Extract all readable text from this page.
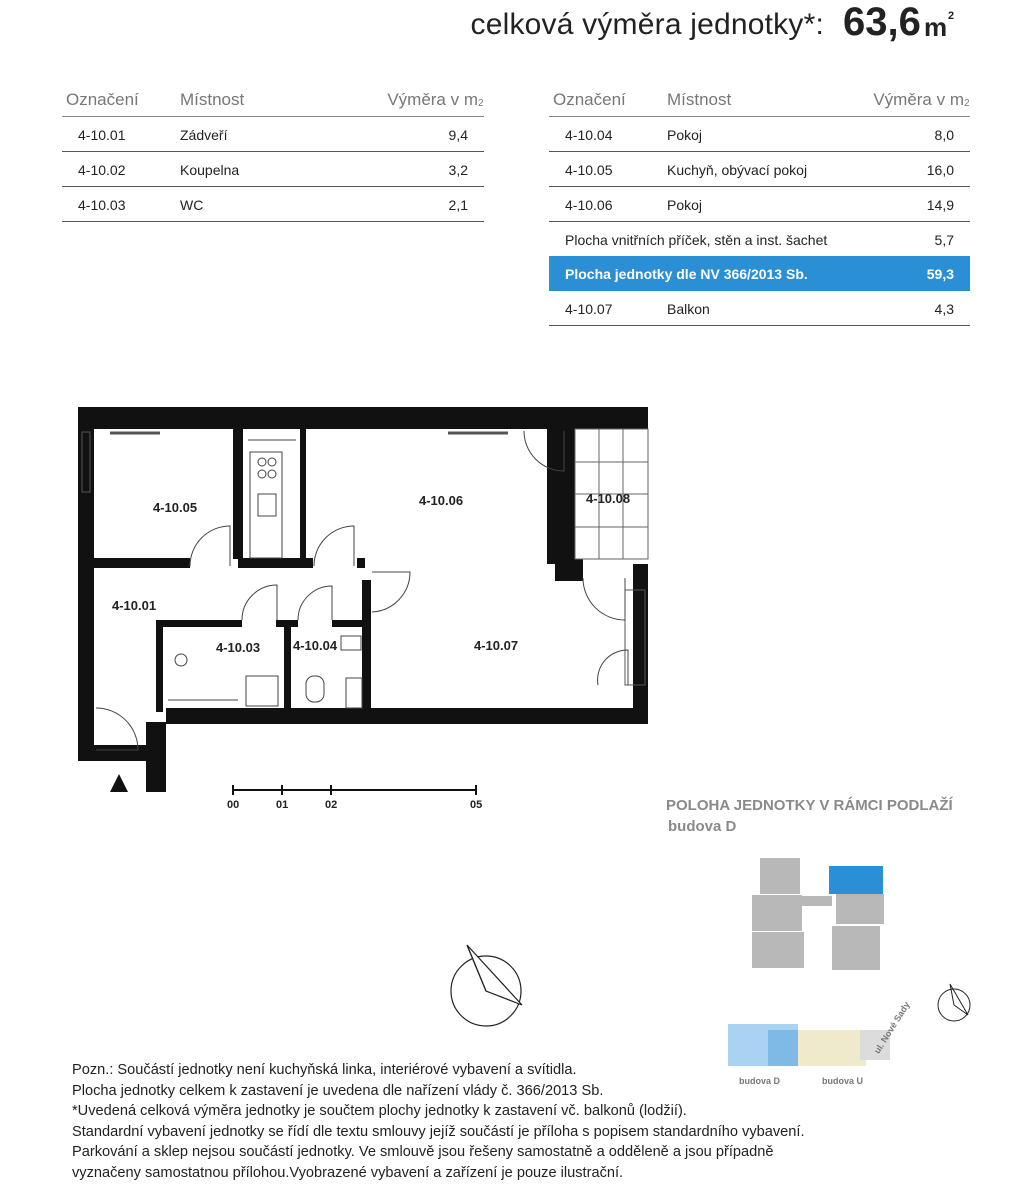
celková výměra jednotky*: 63,6 m 2
Označení Místnost	Výměra v m 2
4-10.01	Zádveří	9,4
4-10.02	Koupelna	3,2
4-10.03	WC	2,1
Označení Místnost	Výměra v m 2
4-10.04	Pokoj	8,0
4-10.05	Kuchyň, obývací pokoj	16,0
4-10.06	Pokoj	14,9
Plocha vnitřních příček, stěn a inst. šachet	5,7
Plocha jednotky dle NV 366/2013 Sb.	59,3
4-10.07	Balkon	4,3
4-10.05	4-10.06	4-10.08
4-10.01
4-10.03	4-10.04	4-10.07
00	01	02	05	POLOHA JEDNOTKY V RÁMCI PODLAŽÍ
budova D
budova D	budova U
ul. Nové Sady
Pozn.: Součástí jednotky není kuchyňská linka, interiérové vybavení a svítidla.
Plocha jednotky celkem k zastavení je uvedena dle nařízení vlády č. 366/2013 Sb.
*Uvedená celková výměra jednotky je součtem plochy jednotky k zastavení vč. balkonů (lodžií).
Standardní vybavení jednotky se řídí dle textu smlouvy jejíž součástí je příloha s popisem standardního vybavení.
Parkování a sklep nejsou součástí jednotky. Ve smlouvě jsou řešeny samostatně a odděleně a jsou případně
vyznačeny samostatnou přílohou.Vyobrazené vybavení a zařízení je pouze ilustrační.
